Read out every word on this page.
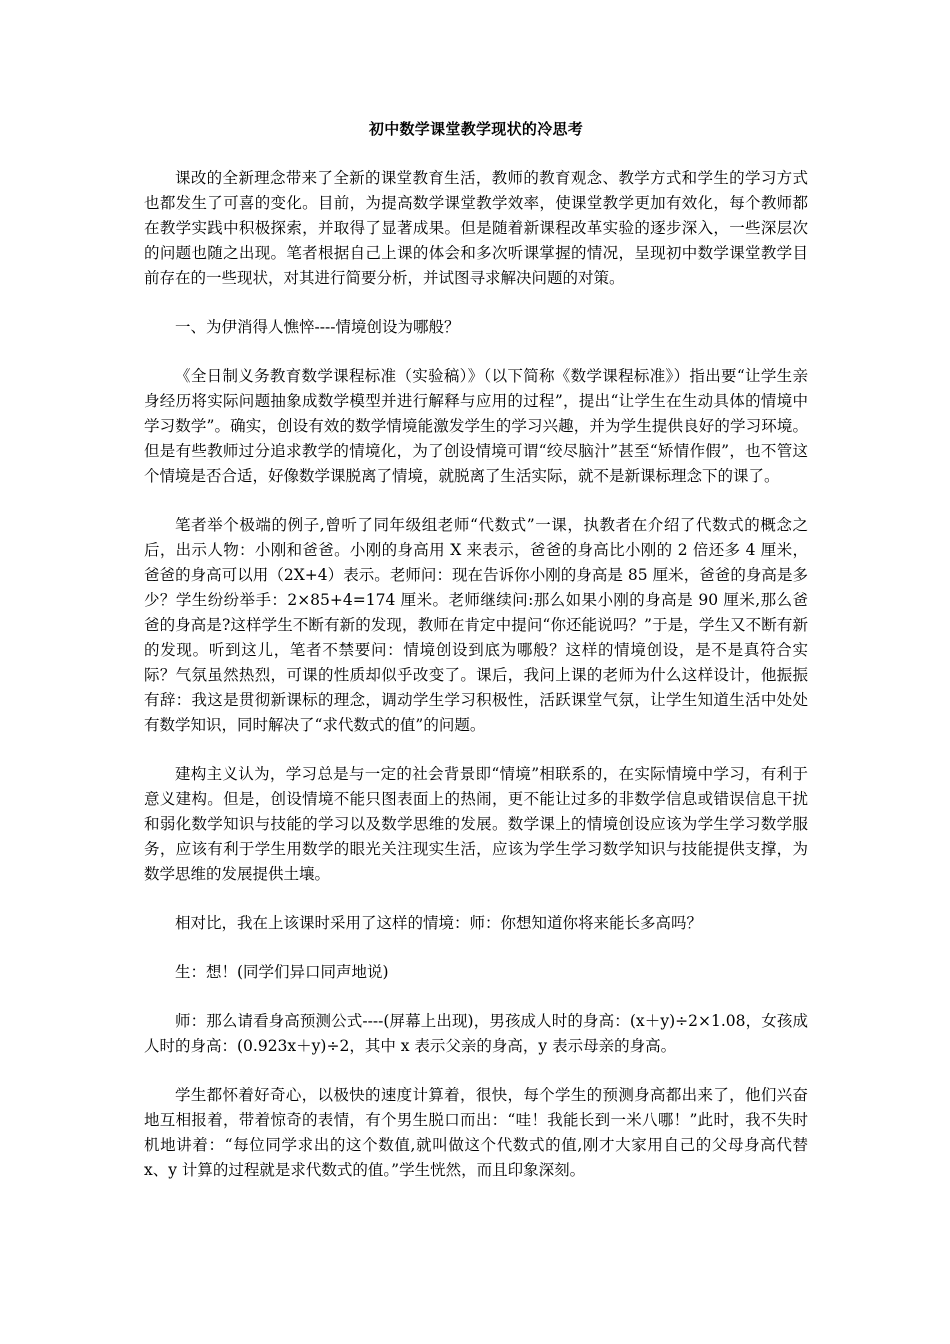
初中数学课堂教学现状的冷思考

课改的全新理念带来了全新的课堂教育生活，教师的教育观念、教学方式和学生的学习方式也都发生了可喜的变化。目前，为提高数学课堂教学效率，使课堂教学更加有效化，每个教师都在教学实践中积极探索，并取得了显著成果。但是随着新课程改革实验的逐步深入，一些深层次的问题也随之出现。笔者根据自己上课的体会和多次听课掌握的情况，呈现初中数学课堂教学目前存在的一些现状，对其进行简要分析，并试图寻求解决问题的对策。

一、为伊消得人憔悴----情境创设为哪般？

《全日制义务教育数学课程标准（实验稿）》（以下简称《数学课程标准》）指出要“让学生亲身经历将实际问题抽象成数学模型并进行解释与应用的过程”，提出“让学生在生动具体的情境中学习数学”。确实，创设有效的数学情境能激发学生的学习兴趣，并为学生提供良好的学习环境。但是有些教师过分追求教学的情境化，为了创设情境可谓“绞尽脑汁”甚至“矫情作假”，也不管这个情境是否合适，好像数学课脱离了情境，就脱离了生活实际，就不是新课标理念下的课了。

笔者举个极端的例子,曾听了同年级组老师“代数式”一课，执教者在介绍了代数式的概念之后，出示人物：小刚和爸爸。小刚的身高用 X 来表示，爸爸的身高比小刚的 2 倍还多 4 厘米，爸爸的身高可以用（2X+4）表示。老师问：现在告诉你小刚的身高是 85 厘米，爸爸的身高是多少？学生纷纷举手：2×85+4=174 厘米。老师继续问:那么如果小刚的身高是 90 厘米,那么爸爸的身高是?这样学生不断有新的发现，教师在肯定中提问“你还能说吗？”于是，学生又不断有新的发现。听到这儿，笔者不禁要问：情境创设到底为哪般？这样的情境创设，是不是真符合实际？气氛虽然热烈，可课的性质却似乎改变了。课后，我问上课的老师为什么这样设计，他振振有辞：我这是贯彻新课标的理念，调动学生学习积极性，活跃课堂气氛，让学生知道生活中处处有数学知识，同时解决了“求代数式的值”的问题。

建构主义认为，学习总是与一定的社会背景即“情境”相联系的，在实际情境中学习，有利于意义建构。但是，创设情境不能只图表面上的热闹，更不能让过多的非数学信息或错误信息干扰和弱化数学知识与技能的学习以及数学思维的发展。数学课上的情境创设应该为学生学习数学服务，应该有利于学生用数学的眼光关注现实生活，应该为学生学习数学知识与技能提供支撑，为数学思维的发展提供土壤。

相对比，我在上该课时采用了这样的情境：师：你想知道你将来能长多高吗？

生：想！(同学们异口同声地说)

师：那么请看身高预测公式----(屏幕上出现)，男孩成人时的身高：(x＋y)÷2×1.08，女孩成人时的身高：(0.923x＋y)÷2，其中 x 表示父亲的身高，y 表示母亲的身高。

学生都怀着好奇心，以极快的速度计算着，很快，每个学生的预测身高都出来了，他们兴奋地互相报着，带着惊奇的表情，有个男生脱口而出：“哇！我能长到一米八哪！”此时，我不失时机地讲着：“每位同学求出的这个数值,就叫做这个代数式的值,刚才大家用自己的父母身高代替 x、y 计算的过程就是求代数式的值。”学生恍然，而且印象深刻。
